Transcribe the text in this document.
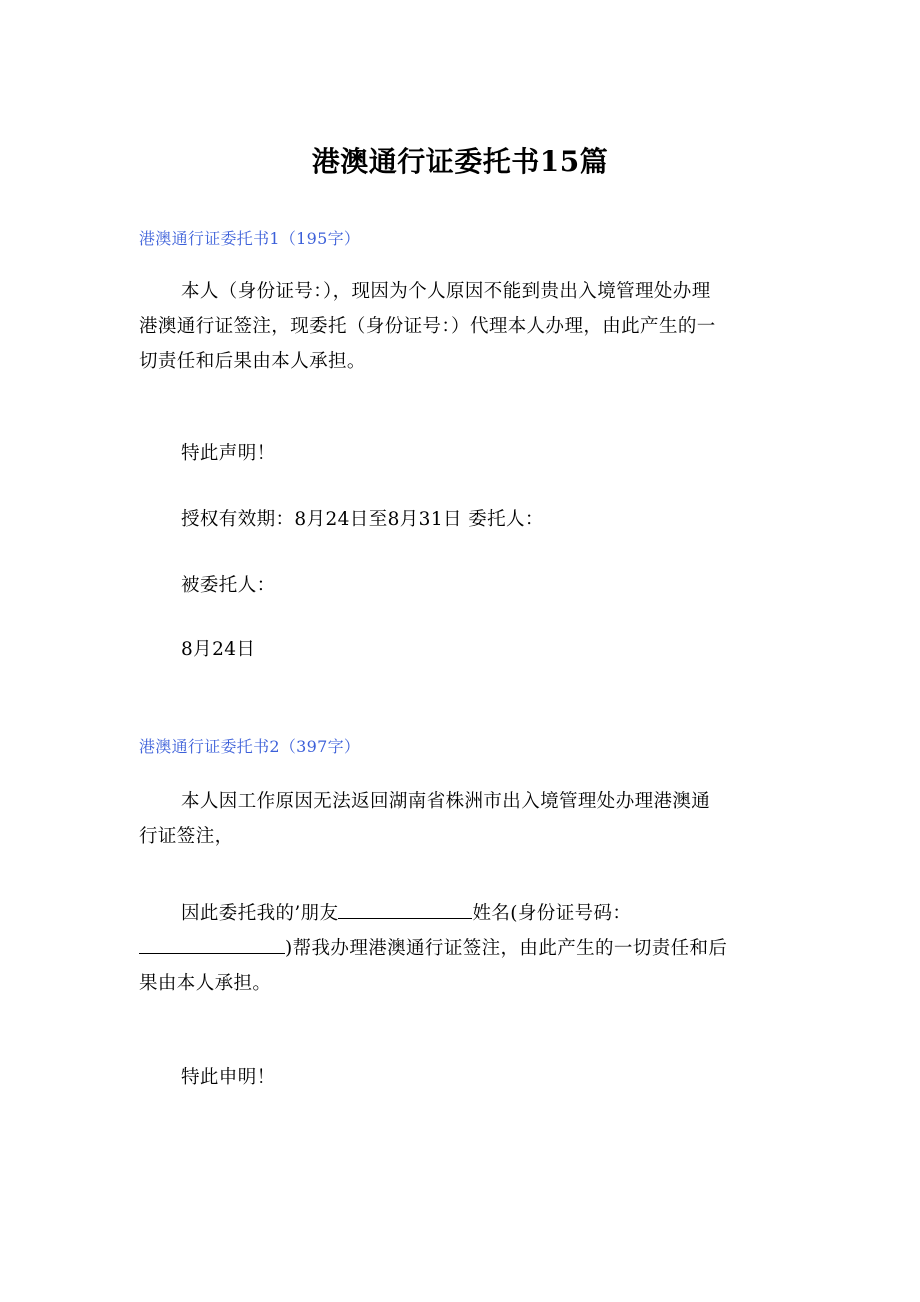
港澳通行证委托书15篇
港澳通行证委托书1（195字）
本人（身份证号：），现因为个人原因不能到贵出入境管理处办理
港澳通行证签注，现委托（身份证号：）代理本人办理，由此产生的一
切责任和后果由本人承担。
特此声明！
授权有效期：8月24日至8月31日 委托人：
被委托人：
8月24日
港澳通行证委托书2（397字）
本人因工作原因无法返回湖南省株洲市出入境管理处办理港澳通
行证签注，
因此委托我的’朋友	姓名(身份证号码：
)帮我办理港澳通行证签注，由此产生的一切责任和后
果由本人承担。
特此申明！
